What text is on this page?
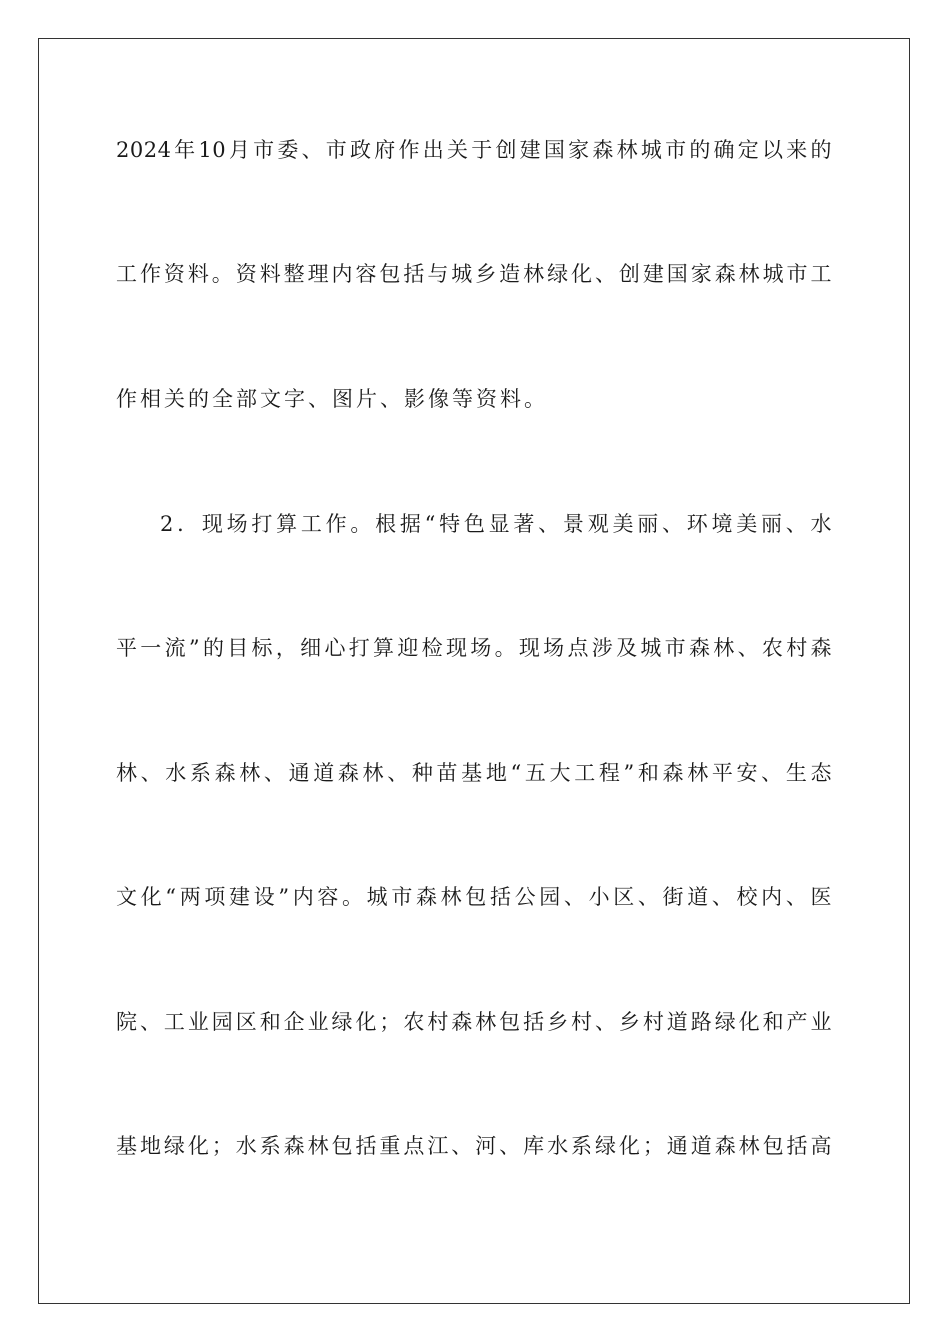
2024年10月市委、市政府作出关于创建国家森林城市的确定以来的
工作资料。资料整理内容包括与城乡造林绿化、创建国家森林城市工
作相关的全部文字、图片、影像等资料。
2．现场打算工作。根据“特色显著、景观美丽、环境美丽、水
平一流”的目标，细心打算迎检现场。现场点涉及城市森林、农村森
林、水系森林、通道森林、种苗基地“五大工程”和森林平安、生态
文化“两项建设”内容。城市森林包括公园、小区、街道、校内、医
院、工业园区和企业绿化；农村森林包括乡村、乡村道路绿化和产业
基地绿化；水系森林包括重点江、河、库水系绿化；通道森林包括高
